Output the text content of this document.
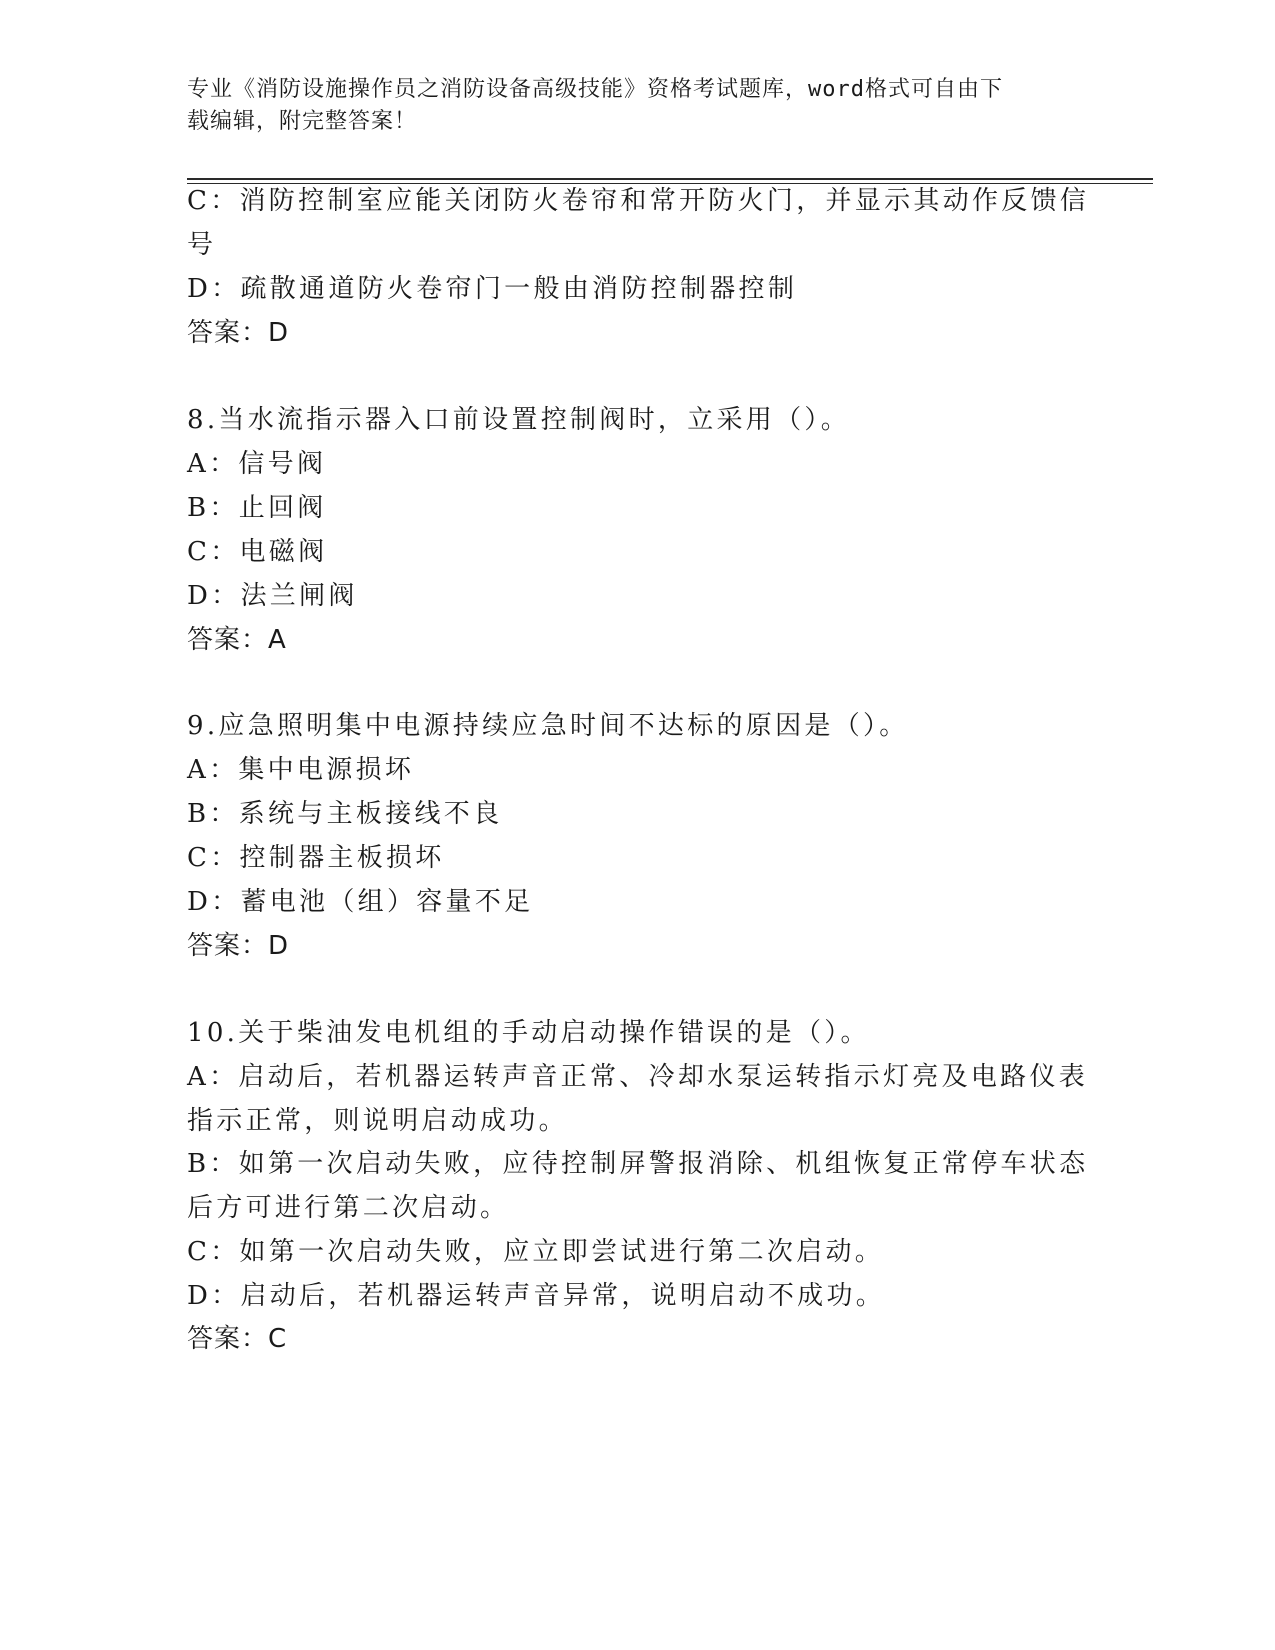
专业《消防设施操作员之消防设备高级技能》资格考试题库，word格式可自由下
载编辑，附完整答案！
C：消防控制室应能关闭防火卷帘和常开防火门，并显示其动作反馈信
号
D：疏散通道防火卷帘门一般由消防控制器控制
答案：D
8.当水流指示器入口前设置控制阀时，立采用（）。
A：信号阀
B：止回阀
C：电磁阀
D：法兰闸阀
答案：A
9.应急照明集中电源持续应急时间不达标的原因是（）。
A：集中电源损坏
B：系统与主板接线不良
C：控制器主板损坏
D：蓄电池（组）容量不足
答案：D
10.关于柴油发电机组的手动启动操作错误的是（）。
A：启动后，若机器运转声音正常、冷却水泵运转指示灯亮及电路仪表
指示正常，则说明启动成功。
B：如第一次启动失败，应待控制屏警报消除、机组恢复正常停车状态
后方可进行第二次启动。
C：如第一次启动失败，应立即尝试进行第二次启动。
D：启动后，若机器运转声音异常，说明启动不成功。
答案：C
